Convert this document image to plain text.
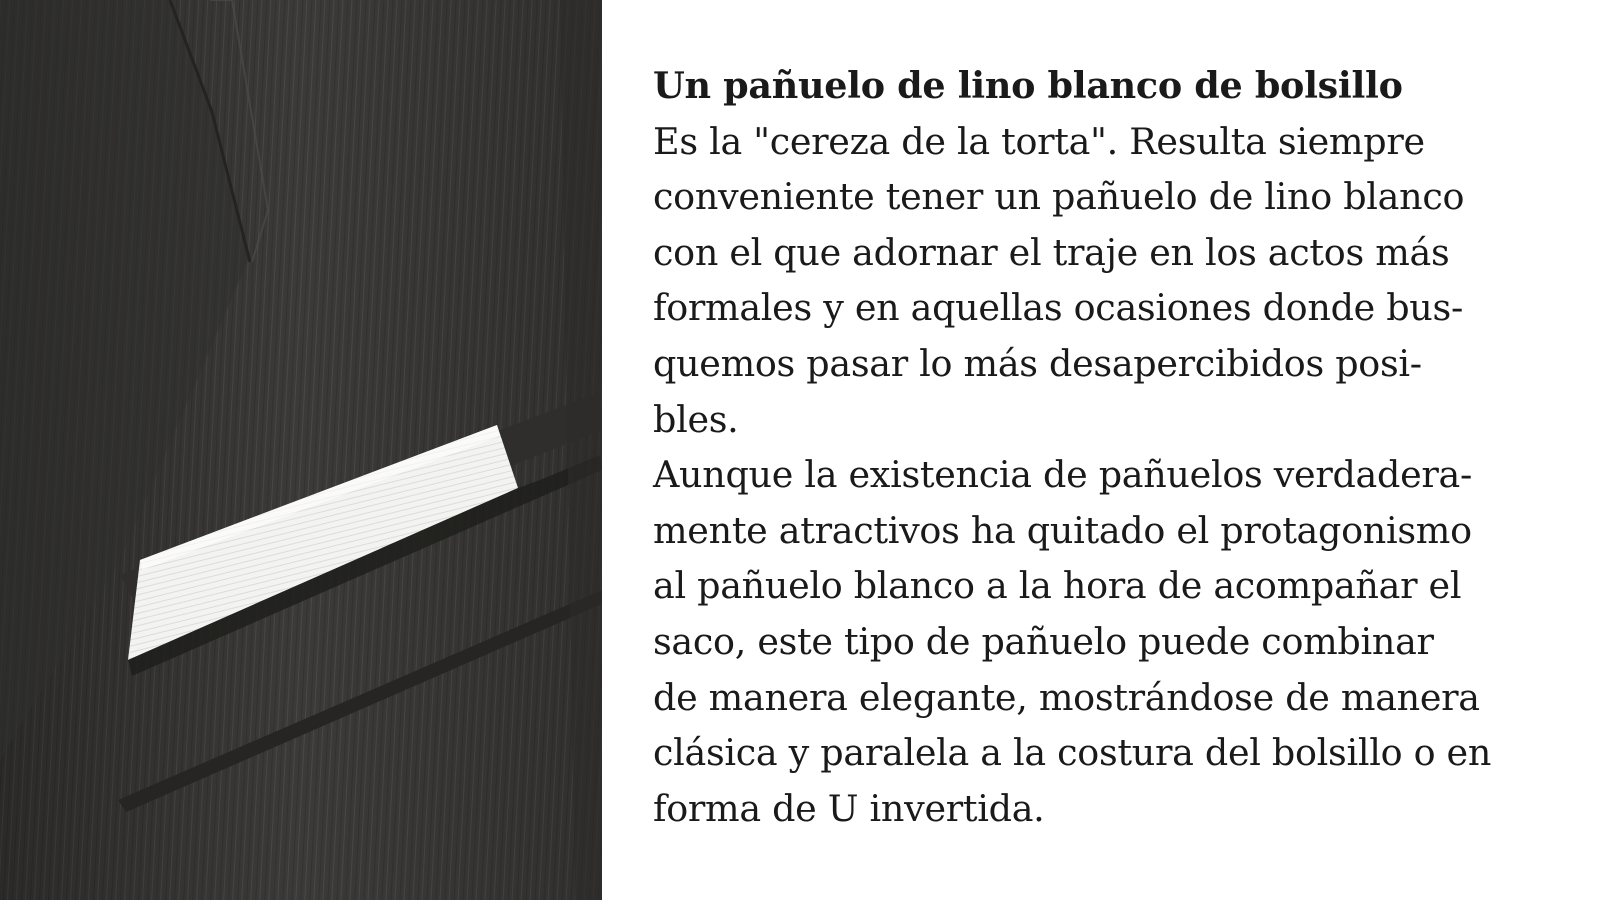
Un pañuelo de lino blanco de bolsillo
Es la "cereza de la torta". Resulta siempre
conveniente tener un pañuelo de lino blanco
con el que adornar el traje en los actos más
formales y en aquellas ocasiones donde bus-
quemos pasar lo más desapercibidos posi-
bles.
Aunque la existencia de pañuelos verdadera-
mente atractivos ha quitado el protagonismo
al pañuelo blanco a la hora de acompañar el
saco, este tipo de pañuelo puede combinar
de manera elegante, mostrándose de manera
clásica y paralela a la costura del bolsillo o en
forma de U invertida.
